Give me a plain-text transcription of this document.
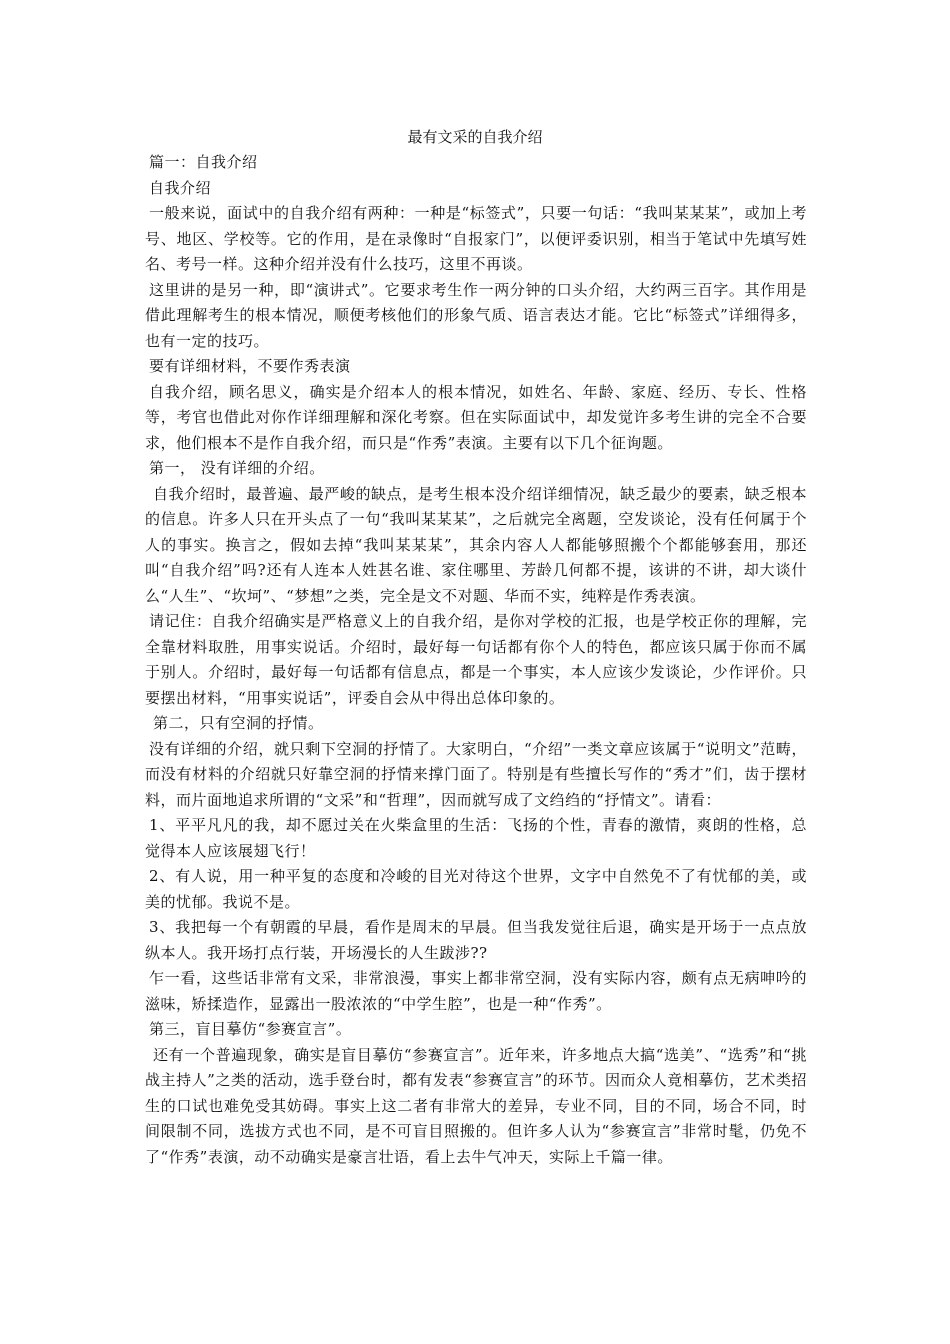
最有文采的自我介绍

篇一：自我介绍

自我介绍

一般来说，面试中的自我介绍有两种：一种是“标签式”，只要一句话：“我叫某某某”，或加上考号、地区、学校等。它的作用，是在录像时“自报家门”，以便评委识别，相当于笔试中先填写姓名、考号一样。这种介绍并没有什么技巧，这里不再谈。

这里讲的是另一种，即“演讲式”。它要求考生作一两分钟的口头介绍，大约两三百字。其作用是借此理解考生的根本情况，顺便考核他们的形象气质、语言表达才能。它比“标签式”详细得多，也有一定的技巧。

要有详细材料，不要作秀表演

自我介绍，顾名思义，确实是介绍本人的根本情况，如姓名、年龄、家庭、经历、专长、性格等，考官也借此对你作详细理解和深化考察。但在实际面试中，却发觉许多考生讲的完全不合要求，他们根本不是作自我介绍，而只是“作秀”表演。主要有以下几个征询题。

第一， 没有详细的介绍。

自我介绍时，最普遍、最严峻的缺点，是考生根本没介绍详细情况，缺乏最少的要素，缺乏根本的信息。许多人只在开头点了一句“我叫某某某”，之后就完全离题，空发谈论，没有任何属于个人的事实。换言之，假如去掉“我叫某某某”，其余内容人人都能够照搬个个都能够套用，那还叫“自我介绍”吗?还有人连本人姓甚名谁、家住哪里、芳龄几何都不提，该讲的不讲，却大谈什么“人生”、“坎坷”、“梦想”之类，完全是文不对题、华而不实，纯粹是作秀表演。

请记住：自我介绍确实是严格意义上的自我介绍，是你对学校的汇报，也是学校正你的理解，完全靠材料取胜，用事实说话。介绍时，最好每一句话都有你个人的特色，都应该只属于你而不属于别人。介绍时，最好每一句话都有信息点，都是一个事实，本人应该少发谈论，少作评价。只要摆出材料，“用事实说话”，评委自会从中得出总体印象的。

第二，只有空洞的抒情。

没有详细的介绍，就只剩下空洞的抒情了。大家明白，“介绍”一类文章应该属于“说明文”范畴，而没有材料的介绍就只好靠空洞的抒情来撑门面了。特别是有些擅长写作的“秀才”们，齿于摆材料，而片面地追求所谓的“文采”和“哲理”，因而就写成了文绉绉的“抒情文”。请看：

1、平平凡凡的我，却不愿过关在火柴盒里的生活：飞扬的个性，青春的激情，爽朗的性格，总觉得本人应该展翅飞行！

2、有人说，用一种平复的态度和冷峻的目光对待这个世界，文字中自然免不了有忧郁的美，或美的忧郁。我说不是。

3、我把每一个有朝霞的早晨，看作是周末的早晨。但当我发觉往后退，确实是开场于一点点放纵本人。我开场打点行装，开场漫长的人生跋涉??

乍一看，这些话非常有文采，非常浪漫，事实上都非常空洞，没有实际内容，颇有点无病呻吟的滋味，矫揉造作，显露出一股浓浓的“中学生腔”，也是一种“作秀”。

第三，盲目摹仿“参赛宣言”。

还有一个普遍现象，确实是盲目摹仿“参赛宣言”。近年来，许多地点大搞“选美”、“选秀”和“挑战主持人”之类的活动，选手登台时，都有发表“参赛宣言”的环节。因而众人竟相摹仿，艺术类招生的口试也难免受其妨碍。事实上这二者有非常大的差异，专业不同，目的不同，场合不同，时间限制不同，选拔方式也不同，是不可盲目照搬的。但许多人认为“参赛宣言”非常时髦，仍免不了“作秀”表演，动不动确实是豪言壮语，看上去牛气冲天，实际上千篇一律。
